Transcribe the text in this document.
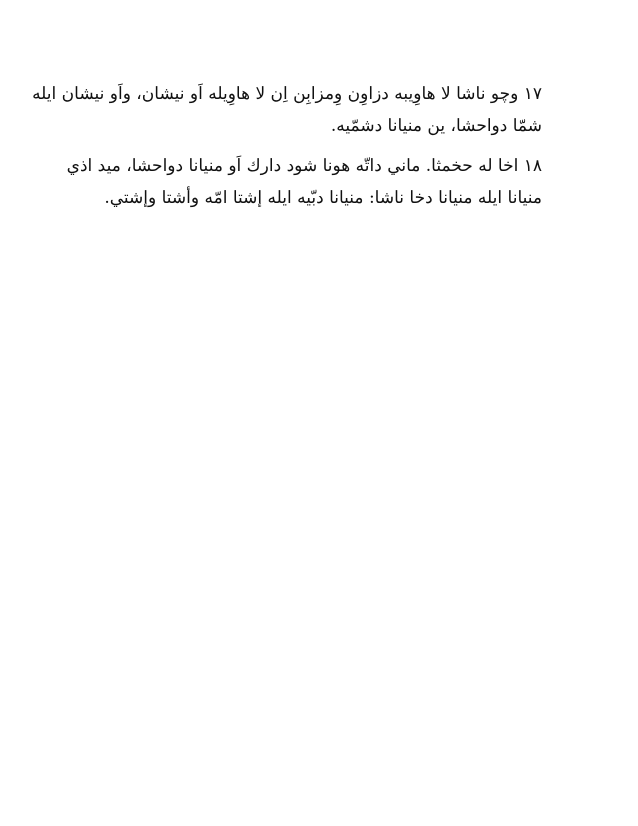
١٧ وچو ناشا لا هاوِيبه دزاوِن وِمزابِن اِن لا هاوِيله اَو نيشان، واَو نيشان ايله
شمّا دواحشا، ين منيانا دشمّيه.
١٨ اخا له حخمثا. ماني داتّه هونا شود دارك اَو منيانا دواحشا، ميد اذي
منيانا ايله منيانا دخا ناشا: منيانا دبّيه ايله إشتا امّه وأشتا وإشتي.
